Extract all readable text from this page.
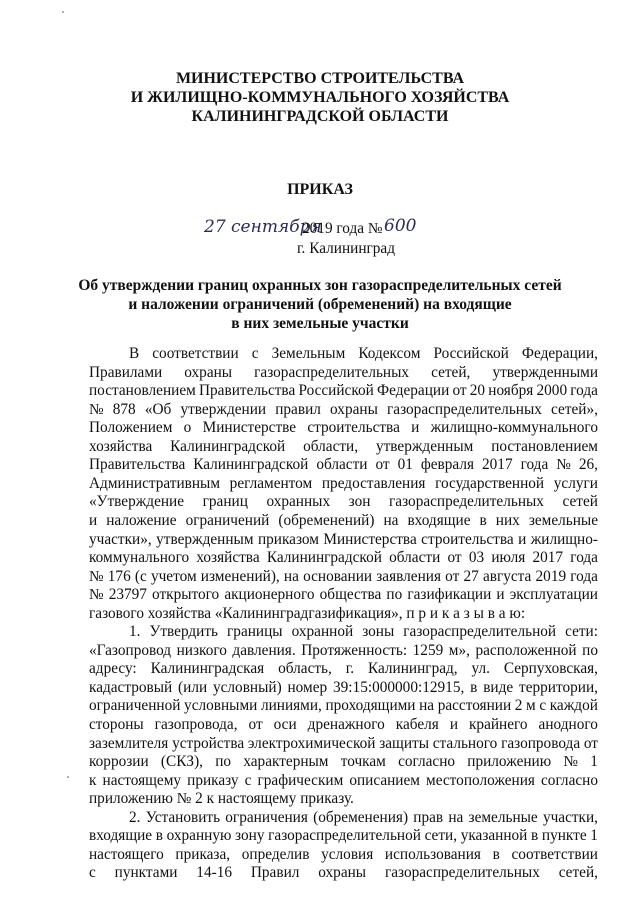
МИНИСТЕРСТВО СТРОИТЕЛЬСТВА
И ЖИЛИЩНО-КОММУНАЛЬНОГО ХОЗЯЙСТВА
КАЛИНИНГРАДСКОЙ ОБЛАСТИ
ПРИКАЗ
27 сентября
2019 года № 600
г. Калининград
Об утверждении границ охранных зон газораспределительных сетей
и наложении ограничений (обременений) на входящие
в них земельные участки
В соответствии с Земельным Кодексом Российской Федерации,
Правилами охраны газораспределительных сетей, утвержденными
постановлением Правительства Российской Федерации от 20 ноября 2000 года
№ 878 «Об утверждении правил охраны газораспределительных сетей»,
Положением о Министерстве строительства и жилищно-коммунального
хозяйства Калининградской области, утвержденным постановлением
Правительства Калининградской области от 01 февраля 2017 года № 26,
Административным регламентом предоставления государственной услуги
«Утверждение границ охранных зон газораспределительных сетей
и наложение ограничений (обременений) на входящие в них земельные
участки», утвержденным приказом Министерства строительства и жилищно-
коммунального хозяйства Калининградской области от 03 июля 2017 года
№ 176 (с учетом изменений), на основании заявления от 27 августа 2019 года
№ 23797 открытого акционерного общества по газификации и эксплуатации
газового хозяйства «Калининградгазификация», п р и к а з ы в а ю:
1. Утвердить границы охранной зоны газораспределительной сети:
«Газопровод низкого давления. Протяженность: 1259 м», расположенной по
адресу: Калининградская область, г. Калининград, ул. Серпуховская,
кадастровый (или условный) номер 39:15:000000:12915, в виде территории,
ограниченной условными линиями, проходящими на расстоянии 2 м с каждой
стороны газопровода, от оси дренажного кабеля и крайнего анодного
заземлителя устройства электрохимической защиты стального газопровода от
коррозии (СКЗ), по характерным точкам согласно приложению № 1
к настоящему приказу с графическим описанием местоположения согласно
приложению № 2 к настоящему приказу.
2. Установить ограничения (обременения) прав на земельные участки,
входящие в охранную зону газораспределительной сети, указанной в пункте 1
настоящего приказа, определив условия использования в соответствии
с пунктами 14-16 Правил охраны газораспределительных сетей,
